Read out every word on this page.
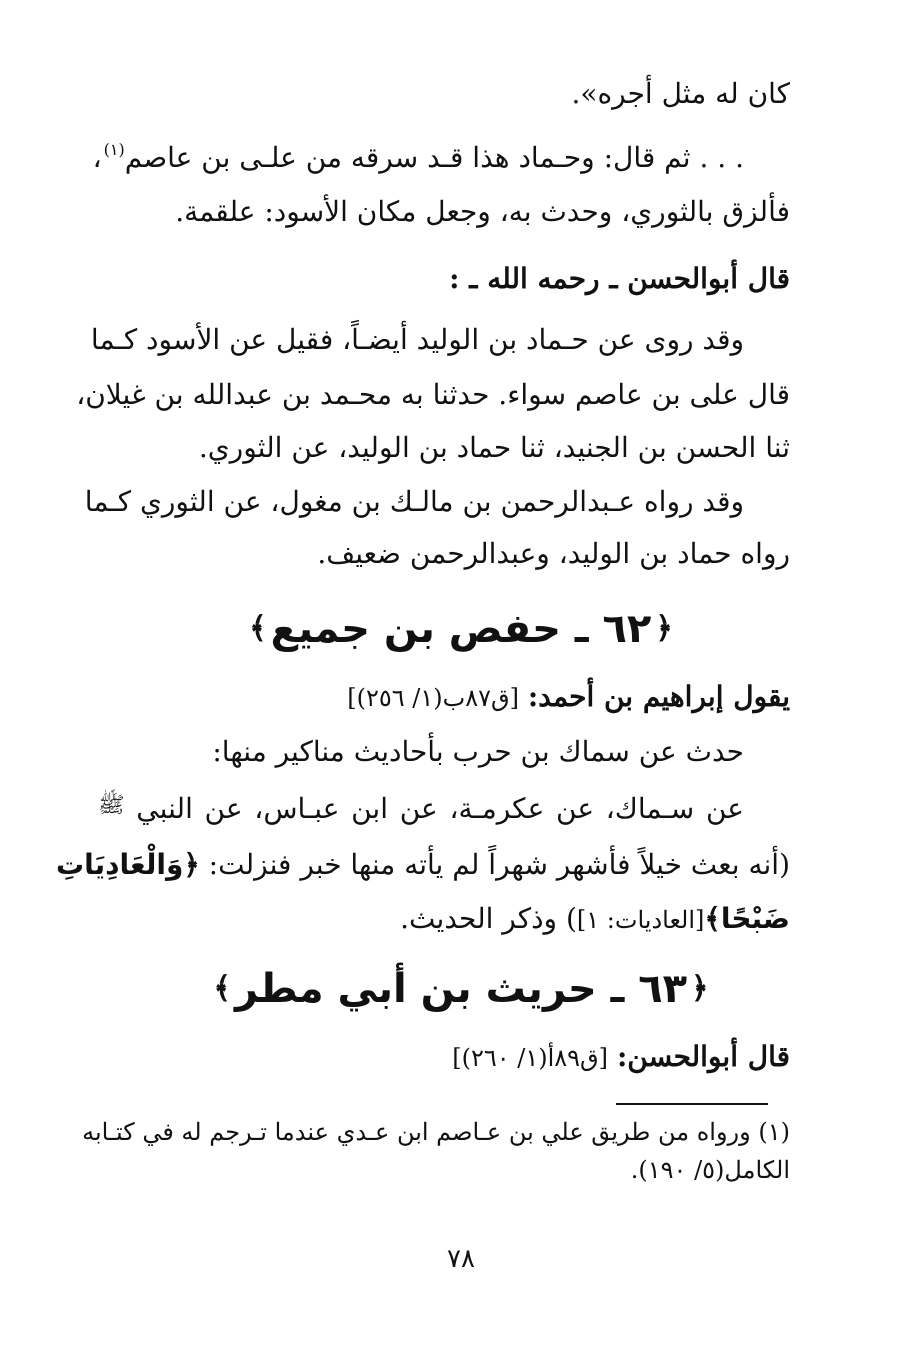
كان له مثل أجره».
. . . ثم قال: وحـماد هذا قـد سرقه من علـى بن عاصم$^{(١)}$،
فألزق بالثوري، وحدث به، وجعل مكان الأسود: علقمة.
قال أبوالحسن ـ رحمه الله ـ :
وقد روى عن حـماد بن الوليد أيضـاً، فقيل عن الأسود كـما
قال على بن عاصم سواء. حدثنا به محـمد بن عبدالله بن غيلان،
ثنا الحسن بن الجنيد، ثنا حماد بن الوليد، عن الثوري.
وقد رواه عـبدالرحمن بن مالـك بن مغول، عن الثوري كـما
رواه حماد بن الوليد، وعبدالرحمن ضعيف.
﴿٦٢ ـ حفص بن جميع﴾
يقول إبراهيم بن أحمد: [ق٨٧ب(١/ ٢٥٦)]
حدث عن سماك بن حرب بأحاديث مناكير منها:
عن سـماك، عن عكرمـة، عن ابن عبـاس، عن النبي ﷺ
(أنه بعث خيلاً فأشهر شهراً لم يأته منها خبر فنزلت: ﴿وَالْعَادِيَاتِ
ضَبْحًا﴾[العاديات: ١]) وذكر الحديث.
﴿٦٣ ـ حريث بن أبي مطر﴾
قال أبوالحسن: [ق٨٩أ(١/ ٢٦٠)]
(١) ورواه من طريق علي بن عـاصم ابن عـدي عندما تـرجم له في كتـابه
الكامل(٥/ ١٩٠).
٧٨
